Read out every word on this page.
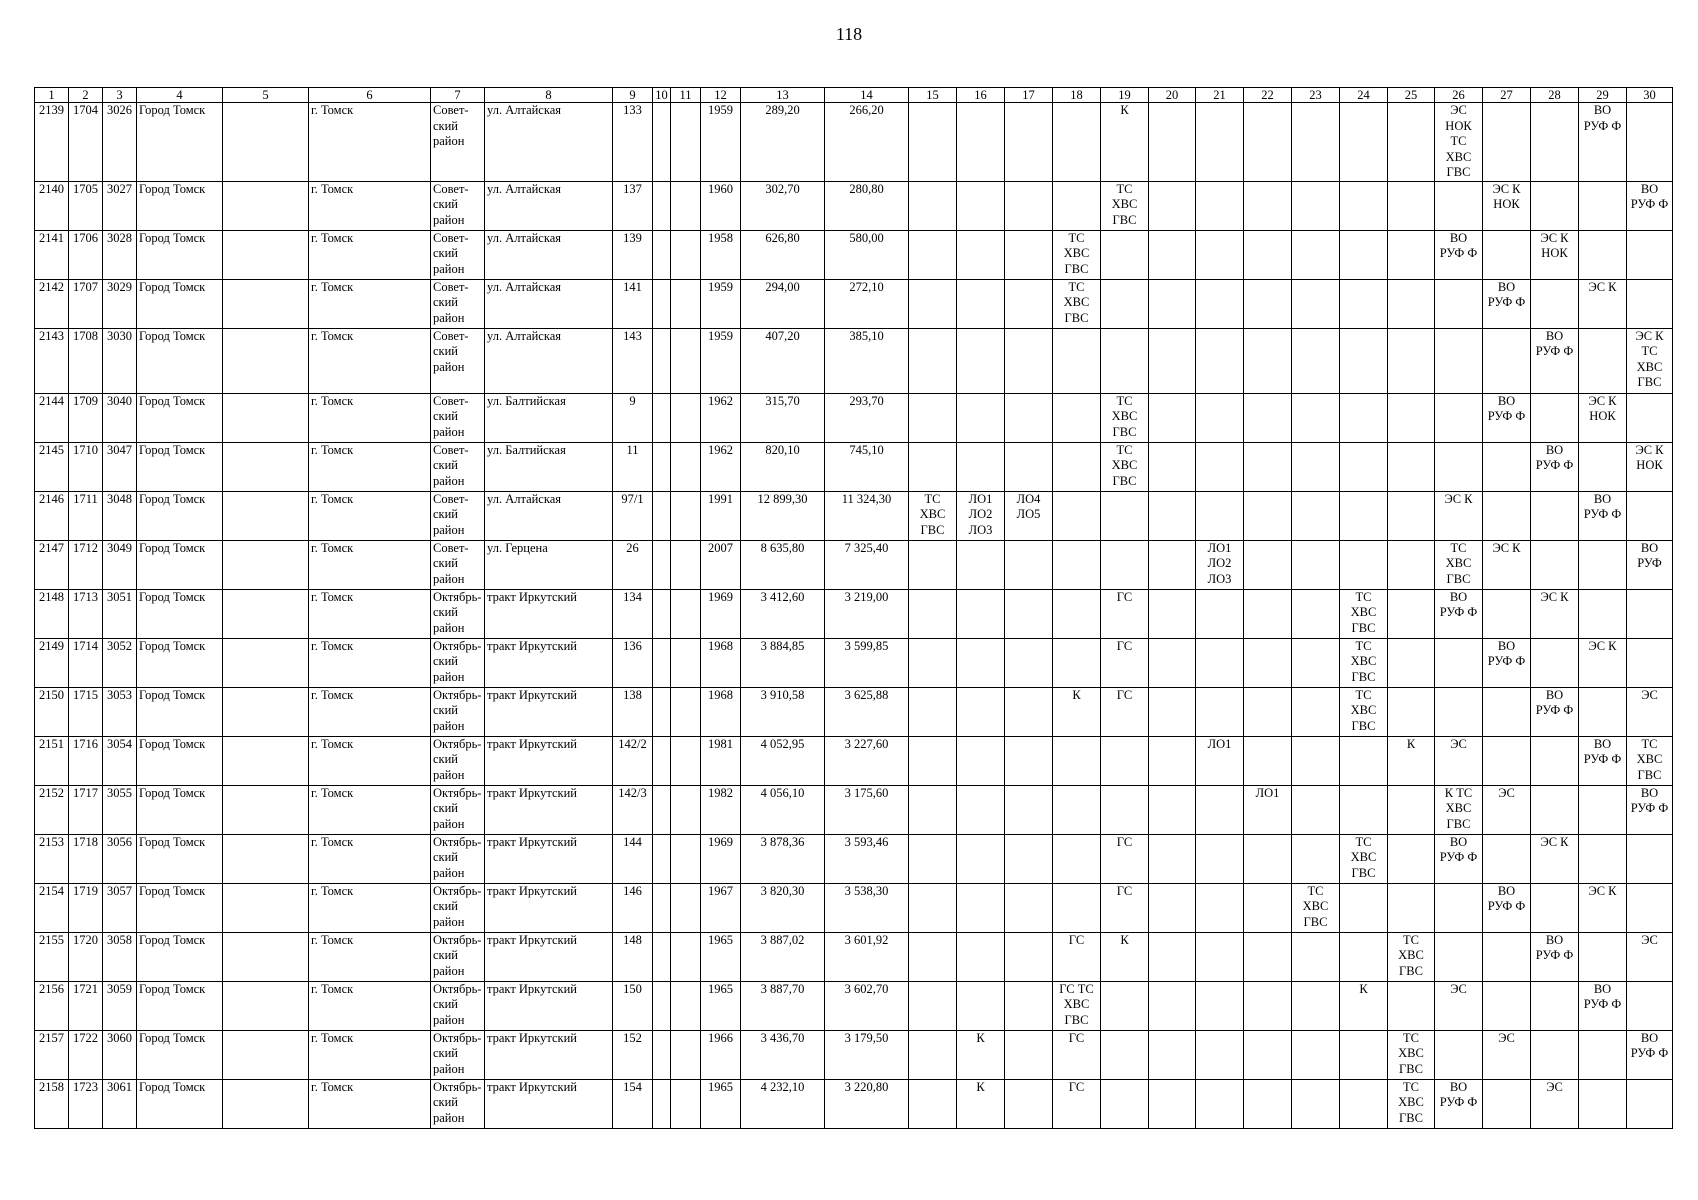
118
1	2	3	4	5	6	7	8	9	10	11	12	13	14	15	16	17	18	19	20	21	22	23	24	25	26	27	28	29	30
2139	1704	3026	Город Томск		г. Томск	Совет-
ский
район	ул. Алтайская	133			1959	289,20	266,20					К							ЭС
НОК
ТС
ХВС
ГВС			ВО
РУФ Ф	
2140	1705	3027	Город Томск		г. Томск	Совет-
ский
район	ул. Алтайская	137			1960	302,70	280,80					ТС
ХВС
ГВС								ЭС К
НОК			ВО
РУФ Ф
2141	1706	3028	Город Томск		г. Томск	Совет-
ский
район	ул. Алтайская	139			1958	626,80	580,00				ТС
ХВС
ГВС								ВО
РУФ Ф		ЭС К
НОК		
2142	1707	3029	Город Томск		г. Томск	Совет-
ский
район	ул. Алтайская	141			1959	294,00	272,10				ТС
ХВС
ГВС									ВО
РУФ Ф		ЭС К	
2143	1708	3030	Город Томск		г. Томск	Совет-
ский
район	ул. Алтайская	143			1959	407,20	385,10														ВО
РУФ Ф		ЭС К
ТС
ХВС
ГВС
2144	1709	3040	Город Томск		г. Томск	Совет-
ский
район	ул. Балтийская	9			1962	315,70	293,70					ТС
ХВС
ГВС								ВО
РУФ Ф		ЭС К
НОК	
2145	1710	3047	Город Томск		г. Томск	Совет-
ский
район	ул. Балтийская	11			1962	820,10	745,10					ТС
ХВС
ГВС									ВО
РУФ Ф		ЭС К
НОК
2146	1711	3048	Город Томск		г. Томск	Совет-
ский
район	ул. Алтайская	97/1			1991	12 899,30	11 324,30	ТС
ХВС
ГВС	ЛО1
ЛО2
ЛО3	ЛО4
ЛО5									ЭС К			ВО
РУФ Ф	
2147	1712	3049	Город Томск		г. Томск	Совет-
ский
район	ул. Герцена	26			2007	8 635,80	7 325,40							ЛО1
ЛО2
ЛО3					ТС
ХВС
ГВС	ЭС К			ВО
РУФ
2148	1713	3051	Город Томск		г. Томск	Октябрь-
ский
район	тракт Иркутский	134			1969	3 412,60	3 219,00					ГС					ТС
ХВС
ГВС		ВО
РУФ Ф		ЭС К		
2149	1714	3052	Город Томск		г. Томск	Октябрь-
ский
район	тракт Иркутский	136			1968	3 884,85	3 599,85					ГС					ТС
ХВС
ГВС			ВО
РУФ Ф		ЭС К	
2150	1715	3053	Город Томск		г. Томск	Октябрь-
ский
район	тракт Иркутский	138			1968	3 910,58	3 625,88				К	ГС					ТС
ХВС
ГВС				ВО
РУФ Ф		ЭС
2151	1716	3054	Город Томск		г. Томск	Октябрь-
ский
район	тракт Иркутский	142/2			1981	4 052,95	3 227,60							ЛО1				К	ЭС			ВО
РУФ Ф	ТС
ХВС
ГВС
2152	1717	3055	Город Томск		г. Томск	Октябрь-
ский
район	тракт Иркутский	142/3			1982	4 056,10	3 175,60								ЛО1				К ТС
ХВС
ГВС	ЭС			ВО
РУФ Ф
2153	1718	3056	Город Томск		г. Томск	Октябрь-
ский
район	тракт Иркутский	144			1969	3 878,36	3 593,46					ГС					ТС
ХВС
ГВС		ВО
РУФ Ф		ЭС К		
2154	1719	3057	Город Томск		г. Томск	Октябрь-
ский
район	тракт Иркутский	146			1967	3 820,30	3 538,30					ГС				ТС
ХВС
ГВС				ВО
РУФ Ф		ЭС К	
2155	1720	3058	Город Томск		г. Томск	Октябрь-
ский
район	тракт Иркутский	148			1965	3 887,02	3 601,92				ГС	К						ТС
ХВС
ГВС			ВО
РУФ Ф		ЭС
2156	1721	3059	Город Томск		г. Томск	Октябрь-
ский
район	тракт Иркутский	150			1965	3 887,70	3 602,70				ГС ТС
ХВС
ГВС						К		ЭС			ВО
РУФ Ф	
2157	1722	3060	Город Томск		г. Томск	Октябрь-
ский
район	тракт Иркутский	152			1966	3 436,70	3 179,50		К		ГС							ТС
ХВС
ГВС		ЭС			ВО
РУФ Ф
2158	1723	3061	Город Томск		г. Томск	Октябрь-
ский
район	тракт Иркутский	154			1965	4 232,10	3 220,80		К		ГС							ТС
ХВС
ГВС	ВО
РУФ Ф		ЭС		
